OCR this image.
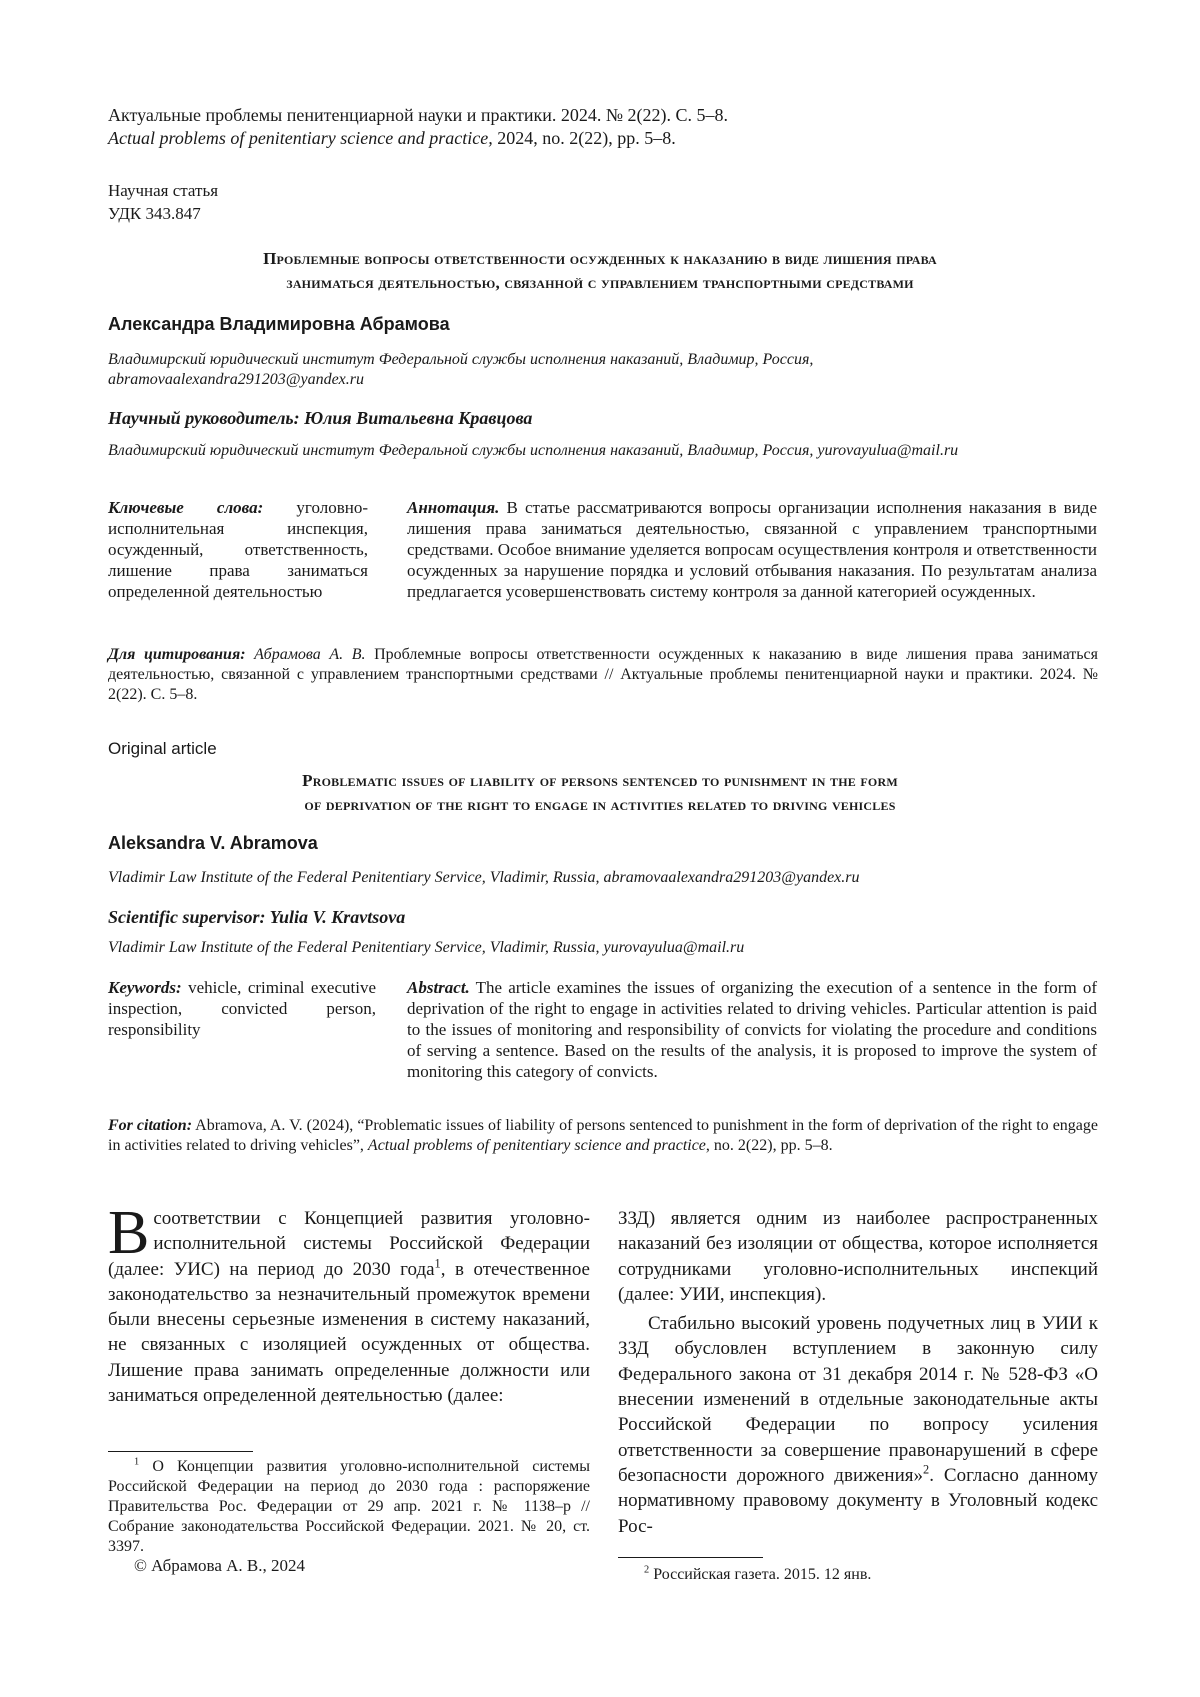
Актуальные проблемы пенитенциарной науки и практики. 2024. № 2(22). С. 5–8.
Actual problems of penitentiary science and practice, 2024, no. 2(22), pp. 5–8.
Научная статья
УДК 343.847
Проблемные вопросы ответственности осужденных к наказанию в виде лишения права
заниматься деятельностью, связанной с управлением транспортными средствами
Александра Владимировна Абрамова
Владимирский юридический институт Федеральной службы исполнения наказаний, Владимир, Россия, abramovaalexandra291203@yandex.ru
Научный руководитель: Юлия Витальевна Кравцова
Владимирский юридический институт Федеральной службы исполнения наказаний, Владимир, Россия, yurovayulua@mail.ru
Ключевые слова: уголовно-исполнительная инспекция, осужденный, ответственность, лишение права заниматься определенной деятельностью
Аннотация. В статье рассматриваются вопросы организации исполнения наказания в виде лишения права заниматься деятельностью, связанной с управлением транспортными средствами. Особое внимание уделяется вопросам осуществления контроля и ответственности осужденных за нарушение порядка и условий отбывания наказания. По результатам анализа предлагается усовершенствовать систему контроля за данной категорией осужденных.
Для цитирования: Абрамова А. В. Проблемные вопросы ответственности осужденных к наказанию в виде лишения права заниматься деятельностью, связанной с управлением транспортными средствами // Актуальные проблемы пенитенциарной науки и практики. 2024. № 2(22). С. 5–8.
Original article
Problematic issues of liability of persons sentenced to punishment in the form
of deprivation of the right to engage in activities related to driving vehicles
Aleksandra V. Abramova
Vladimir Law Institute of the Federal Penitentiary Service, Vladimir, Russia, abramovaalexandra291203@yandex.ru
Scientific supervisor: Yulia V. Kravtsova
Vladimir Law Institute of the Federal Penitentiary Service, Vladimir, Russia, yurovayulua@mail.ru
Keywords: vehicle, criminal executive inspection, convicted person, responsibility
Abstract. The article examines the issues of organizing the execution of a sentence in the form of deprivation of the right to engage in activities related to driving vehicles. Particular attention is paid to the issues of monitoring and responsibility of convicts for violating the procedure and conditions of serving a sentence. Based on the results of the analysis, it is proposed to improve the system of monitoring this category of convicts.
For citation: Abramova, A. V. (2024), “Problematic issues of liability of persons sentenced to punishment in the form of deprivation of the right to engage in activities related to driving vehicles”, Actual problems of penitentiary science and practice, no. 2(22), pp. 5–8.
Всоответствии с Концепцией развития уголовно-исполнительной системы Российской Федерации (далее: УИС) на период до 2030 года$^1$, в отечественное законодательство за незначительный промежуток времени были внесены серьезные изменения в систему наказаний, не связанных с изоляцией осужденных от общества. Лишение права занимать определенные должности или заниматься определенной деятельностью (далее:
$^1$ О Концепции развития уголовно-исполнительной системы Российской Федерации на период до 2030 года : распоряжение Правительства Рос. Федерации от 29 апр. 2021 г. № 1138–р // Собрание законодательства Российской Федерации. 2021. № 20, ст. 3397.
© Абрамова А. В., 2024
ЗЗД) является одним из наиболее распространенных наказаний без изоляции от общества, которое исполняется сотрудниками уголовно-исполнительных инспекций (далее: УИИ, инспекция).
Стабильно высокий уровень подучетных лиц в УИИ к ЗЗД обусловлен вступлением в законную силу Федерального закона от 31 декабря 2014 г. № 528-ФЗ «О внесении изменений в отдельные законодательные акты Российской Федерации по вопросу усиления ответственности за совершение правонарушений в сфере безопасности дорожного движения»$^2$. Согласно данному нормативному правовому документу в Уголовный кодекс Рос-
$^2$ Российская газета. 2015. 12 янв.
